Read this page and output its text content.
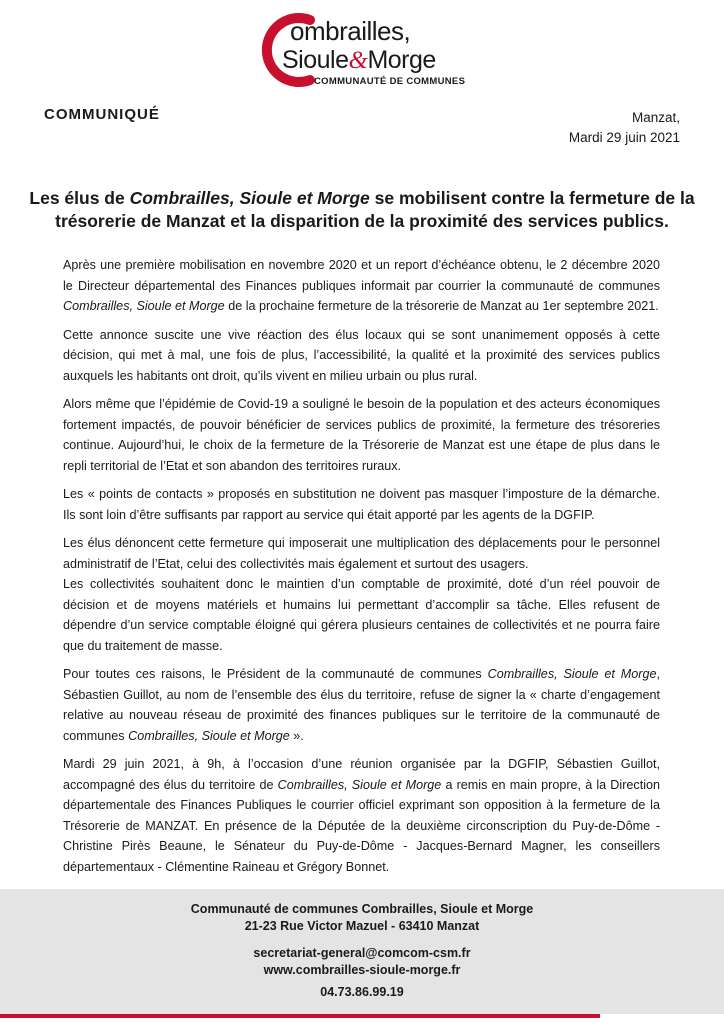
ombrailles,
Sioule&Morge
COMMUNAUTÉ DE COMMUNES
COMMUNIQUÉ	Manzat,
Mardi 29 juin 2021
Les élus de Combrailles, Sioule et Morge se mobilisent contre la fermeture de la trésorerie de Manzat et la disparition de la proximité des services publics.

Après une première mobilisation en novembre 2020 et un report d’échéance obtenu, le 2 décembre 2020 le Directeur départemental des Finances publiques informait par courrier la communauté de communes Combrailles, Sioule et Morge de la prochaine fermeture de la trésorerie de Manzat au 1er septembre 2021.

Cette annonce suscite une vive réaction des élus locaux qui se sont unanimement opposés à cette décision, qui met à mal, une fois de plus, l’accessibilité, la qualité et la proximité des services publics auxquels les habitants ont droit, qu’ils vivent en milieu urbain ou plus rural.

Alors même que l’épidémie de Covid-19 a souligné le besoin de la population et des acteurs économiques fortement impactés, de pouvoir bénéficier de services publics de proximité, la fermeture des trésoreries continue. Aujourd’hui, le choix de la fermeture de la Trésorerie de Manzat est une étape de plus dans le repli territorial de l’Etat et son abandon des territoires ruraux.

Les « points de contacts » proposés en substitution ne doivent pas masquer l’imposture de la démarche. Ils sont loin d’être suffisants par rapport au service qui était apporté par les agents de la DGFIP.

Les élus dénoncent cette fermeture qui imposerait une multiplication des déplacements pour le personnel administratif de l’Etat, celui des collectivités mais également et surtout des usagers.

Les collectivités souhaitent donc le maintien d’un comptable de proximité, doté d’un réel pouvoir de décision et de moyens matériels et humains lui permettant d’accomplir sa tâche. Elles refusent de dépendre d’un service comptable éloigné qui gérera plusieurs centaines de collectivités et ne pourra faire que du traitement de masse.

Pour toutes ces raisons, le Président de la communauté de communes Combrailles, Sioule et Morge, Sébastien Guillot, au nom de l’ensemble des élus du territoire, refuse de signer la « charte d’engagement relative au nouveau réseau de proximité des finances publiques sur le territoire de la communauté de communes Combrailles, Sioule et Morge ».

Mardi 29 juin 2021, à 9h, à l’occasion d’une réunion organisée par la DGFIP, Sébastien Guillot, accompagné des élus du territoire de Combrailles, Sioule et Morge a remis en main propre, à la Direction départementale des Finances Publiques le courrier officiel exprimant son opposition à la fermeture de la Trésorerie de MANZAT. En présence de la Députée de la deuxième circonscription du Puy-de-Dôme - Christine Pirès Beaune, le Sénateur du Puy-de-Dôme - Jacques-Bernard Magner, les conseillers départementaux - Clémentine Raineau et Grégory Bonnet.

Communauté de communes Combrailles, Sioule et Morge
21-23 Rue Victor Mazuel - 63410 Manzat
secretariat-general@comcom-csm.fr
www.combrailles-sioule-morge.fr
04.73.86.99.19
